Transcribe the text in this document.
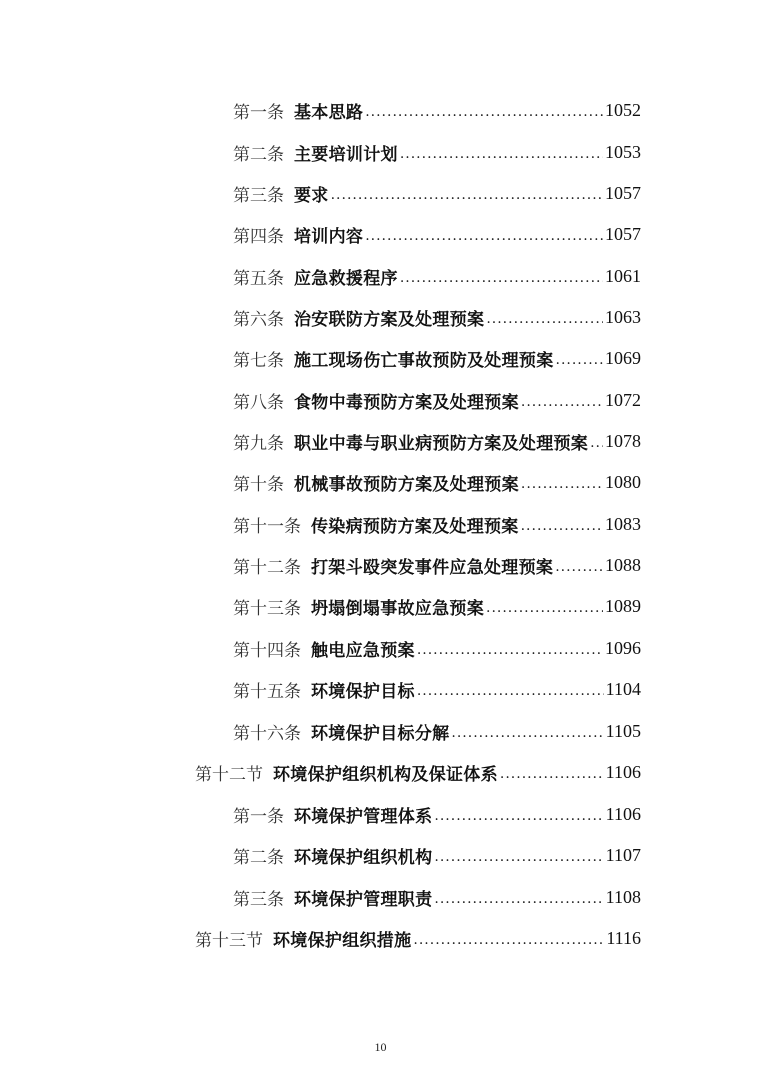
第一条 基本思路 .....	1052
第二条 主要培训计划 .....	1053
第三条 要求 .....	1057
第四条 培训内容 .....	1057
第五条 应急救援程序 .....	1061
第六条 治安联防方案及处理预案 .....	1063
第七条 施工现场伤亡事故预防及处理预案 .....	1069
第八条 食物中毒预防方案及处理预案 .....	1072
第九条 职业中毒与职业病预防方案及处理预案 ..... 1078
第十条 机械事故预防方案及处理预案 .....	1080
第十一条 传染病预防方案及处理预案 .....	1083
第十二条 打架斗殴突发事件应急处理预案 .....	1088
第十三条 坍塌倒塌事故应急预案 .....	1089
第十四条 触电应急预案 .....	1096
第十五条 环境保护目标 .....	1104
第十六条 环境保护目标分解 .....	1105
第十二节 环境保护组织机构及保证体系 .....	1106
第一条 环境保护管理体系 .....	1106
第二条 环境保护组织机构 .....	1107
第三条 环境保护管理职责 .....	1108
第十三节 环境保护组织措施 .....	1116
10
